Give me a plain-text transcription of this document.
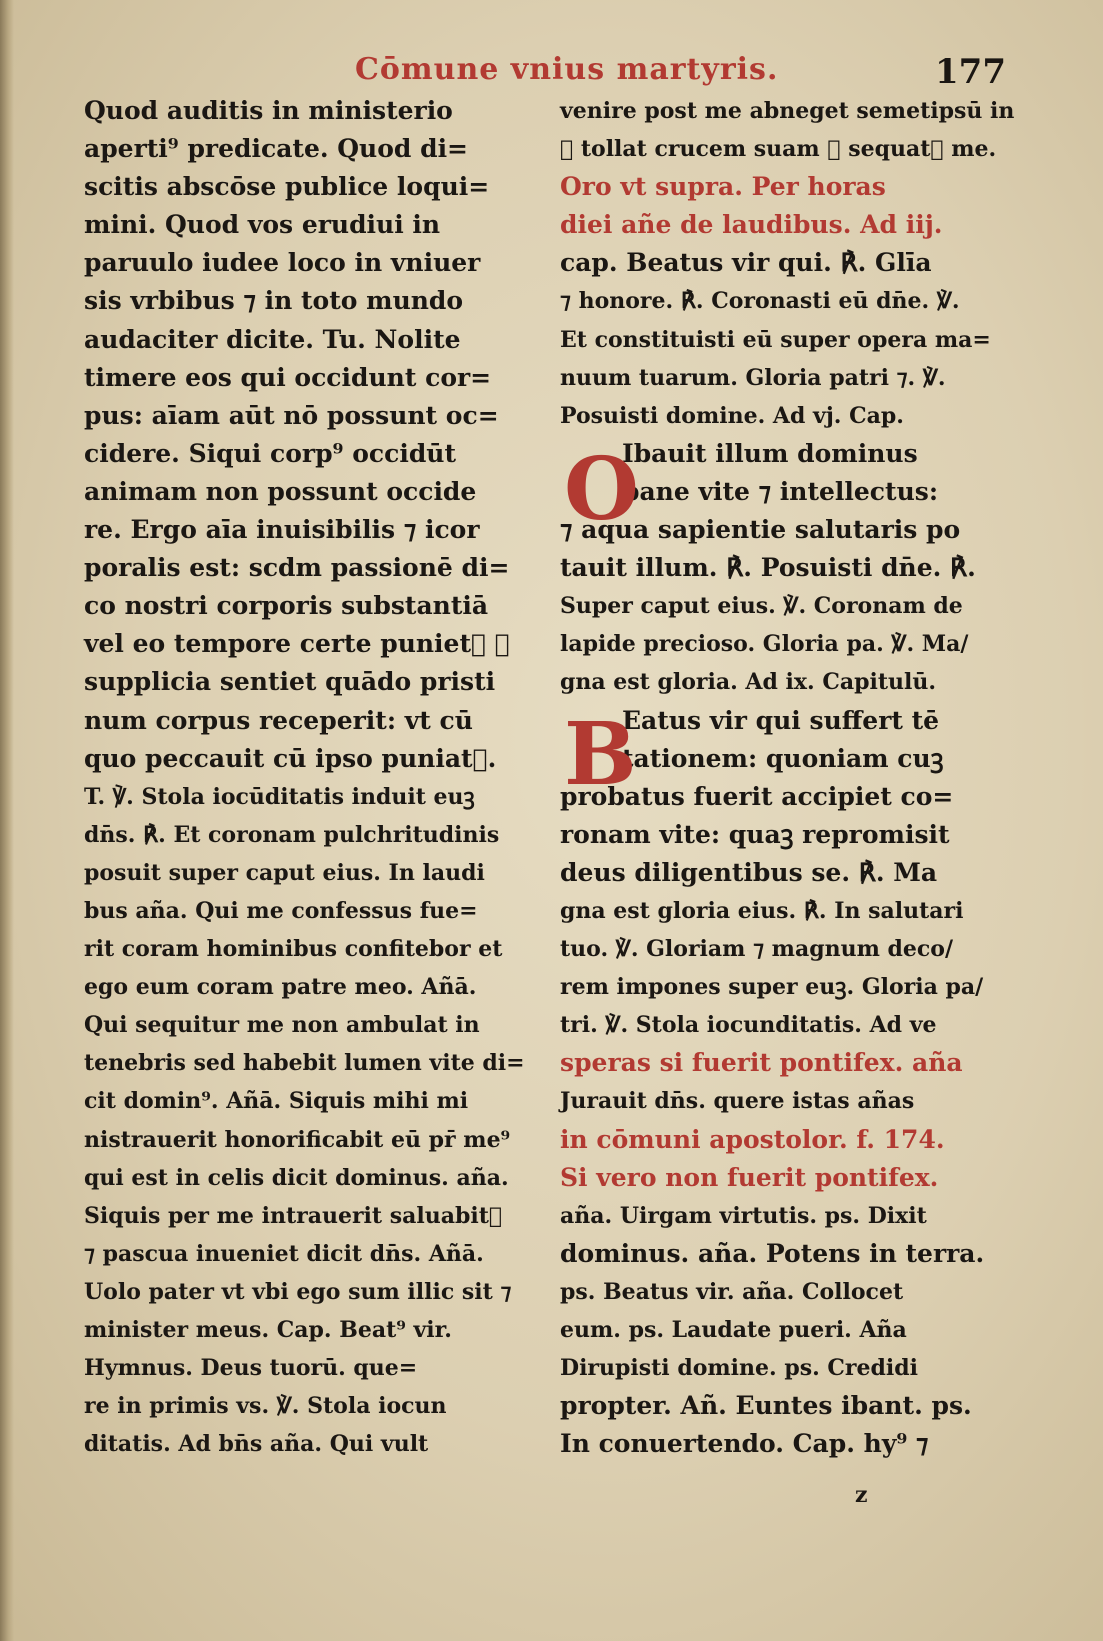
Cōmune vnius martyris.	177
Quod auditis in ministerio
aperti⁹ predicate. Quod di=
scitis abscōse publice loqui=
mini. Quod vos erudiui in
paruulo iudee loco in vniuer
sis vrbibus ⁊ in toto mundo
audaciter dicite. Tu. Nolite
timere eos qui occidunt cor=
pus: aīam aūt nō possunt oc=
cidere. Siqui corp⁹ occidūt
animam non possunt occide
re. Ergo aīa inuisibilis ⁊ icor
poralis est: scdm passionē di=
co nostri corporis substantiā
vel eo tempore certe punietᷣ ⁊
supplicia sentiet quādo pristi
num corpus receperit: vt cū
quo peccauit cū ipso puniatᷣ.
T. ℣. Stola iocūditatis induit euꝫ
dn̄s. ℟. Et coronam pulchritudinis
posuit super caput eius. In laudi
bus aña. Qui me confessus fue=
rit coram hominibus confitebor et
ego eum coram patre meo. Añā.
Qui sequitur me non ambulat in
tenebris sed habebit lumen vite di=
cit domin⁹. Añā. Siquis mihi mi
nistrauerit honorificabit eū pr̄ me⁹
qui est in celis dicit dominus. aña.
Siquis per me intrauerit saluabitᷣ
⁊ pascua inueniet dicit dn̄s. Añā.
Uolo pater vt vbi ego sum illic sit ⁊
minister meus. Cap. Beat⁹ vir.
Hymnus. Deus tuorū. que=
re in primis vs. ℣. Stola iocun
ditatis. Ad bn̄s aña. Qui vult
venire post me abneget semetipsū in
⁊ tollat crucem suam ⁊ sequatᷣ me.
Oro vt supra. Per horas
diei añe de laudibus. Ad iij.
cap. Beatus vir qui. ℟. Glīa
⁊ honore. ℟. Coronasti eū dn̄e. ℣.
Et constituisti eū super opera ma=
nuum tuarum. Gloria patri ⁊. ℣.
Posuisti domine. Ad vj. Cap.
Ibauit illum dominus
pane vite ⁊ intellectus:
⁊ aqua sapientie salutaris po
tauit illum. ℟. Posuisti dn̄e. ℟.
Super caput eius. ℣. Coronam de
lapide precioso. Gloria pa. ℣. Ma/
gna est gloria. Ad ix. Capitulū.
Eatus vir qui suffert tē
tationem: quoniam cuꝫ
probatus fuerit accipiet co=
ronam vite: quaꝫ repromisit
deus diligentibus se. ℟. Ma
gna est gloria eius. ℟. In salutari
tuo. ℣. Gloriam ⁊ magnum deco/
rem impones super euꝫ. Gloria pa/
tri. ℣. Stola iocunditatis. Ad ve
speras si fuerit pontifex. aña
Jurauit dn̄s. quere istas añas
in cōmuni apostolor. f. 174.
Si vero non fuerit pontifex.
aña. Uirgam virtutis. ps. Dixit
dominus. aña. Potens in terra.
ps. Beatus vir. aña. Collocet
eum. ps. Laudate pueri. Aña
Dirupisti domine. ps. Credidi
propter. Añ. Euntes ibant. ps.
In conuertendo. Cap. hy⁹ ⁊
O
B
z
